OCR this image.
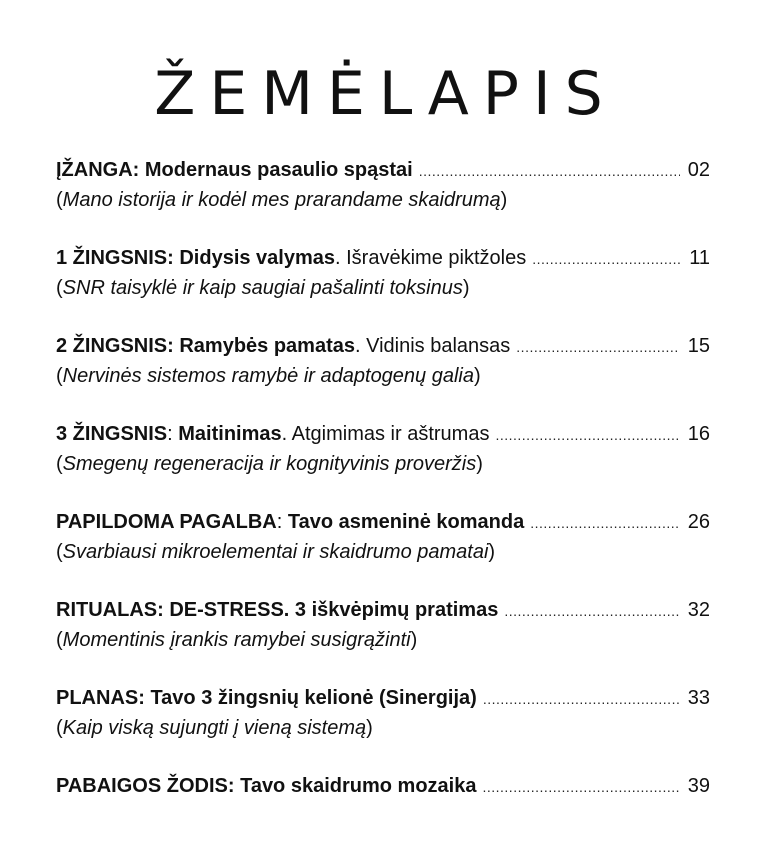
ŽEMĖLAPIS
ĮŽANGA: Modernaus pasaulio spąstai .....	02
(Mano istorija ir kodėl mes prarandame skaidrumą)
1 ŽINGSNIS: Didysis valymas . Išravėkime piktžoles .....	11
(SNR taisyklė ir kaip saugiai pašalinti toksinus)
2 ŽINGSNIS: Ramybės pamatas . Vidinis balansas .....	15
(Nervinės sistemos ramybė ir adaptogenų galia)
3 ŽINGSNIS : Maitinimas . Atgimimas ir aštrumas .....	16
(Smegenų regeneracija ir kognityvinis proveržis)
PAPILDOMA PAGALBA : Tavo asmeninė komanda .....	26
(Svarbiausi mikroelementai ir skaidrumo pamatai)
RITUALAS: DE-STRESS. 3 iškvėpimų pratimas .....	32
(Momentinis įrankis ramybei susigrąžinti)
PLANAS: Tavo 3 žingsnių kelionė (Sinergija) .....	33
(Kaip viską sujungti į vieną sistemą)
PABAIGOS ŽODIS: Tavo skaidrumo mozaika .....	39
